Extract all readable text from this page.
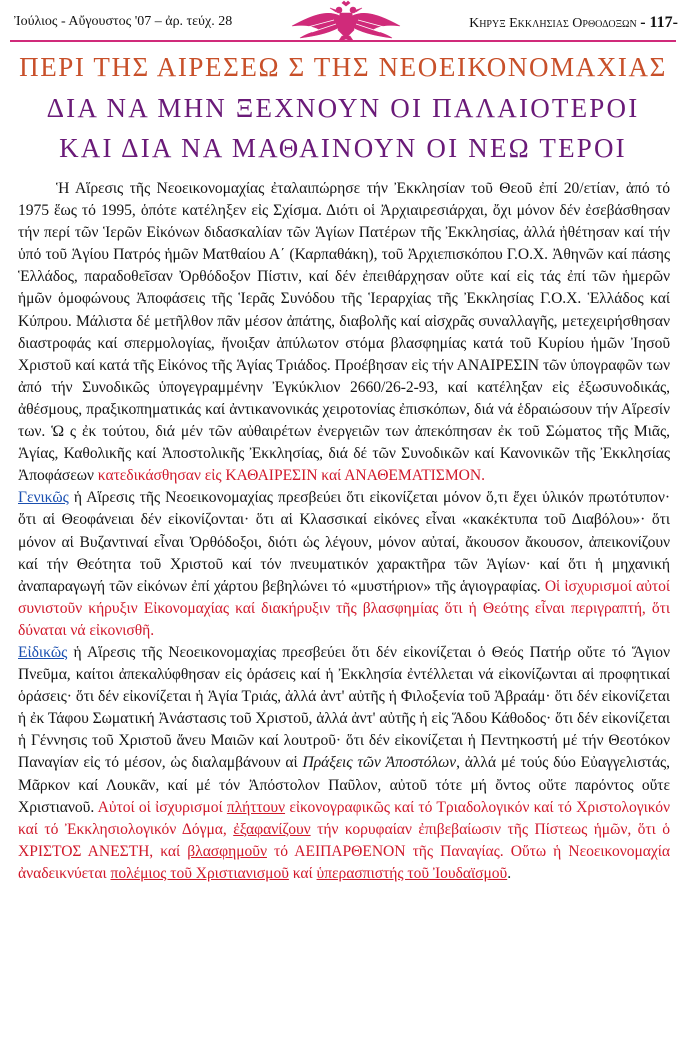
Ἰούλιος - Αὔγουστος '07 – ἀρ. τεύχ. 28	Κηρυξ Εκκλησιας Ορθοδοξων - 117-
ΠΕΡΙ ΤΗΣ ΑΙΡΕΣΕΩ Σ ΤΗΣ ΝΕΟΕΙΚΟΝΟΜΑΧΙΑΣ
ΔΙΑ ΝΑ ΜΗΝ ΞΕΧΝΟΥΝ ΟΙ ΠΑΛΑΙΟΤΕΡΟΙ
ΚΑΙ ΔΙΑ ΝΑ ΜΑΘΑΙΝΟΥΝ ΟΙ ΝΕΩ ΤΕΡΟΙ

Ἡ Αἵρεσις τῆς Νεοεικονομαχίας ἐταλαιπώρησε τήν Ἐκκλησίαν τοῦ Θεοῦ ἐπί 20/ετίαν, ἀπό τό 1975 ἕως τό 1995, ὁπότε κατέληξεν εἰς Σχίσμα. Διότι οἱ Ἀρχιαιρεσιάρχαι, ὄχι μόνον δέν ἐσεβάσθησαν τήν περί τῶν Ἱερῶν Εἰκόνων διδασκαλίαν τῶν Ἁγίων Πατέρων τῆς Ἐκκλησίας, ἀλλά ἠθέτησαν καί τήν ὑπό τοῦ Ἁγίου Πατρός ἡμῶν Ματθαίου Α΄ (Καρπαθάκη), τοῦ Ἀρχιεπισκόπου Γ.Ο.Χ. Ἀθηνῶν καί πάσης Ἑλλάδος, παραδοθεῖσαν Ὀρθόδοξον Πίστιν, καί δέν ἐπειθάρχησαν οὔτε καί εἰς τάς ἐπί τῶν ἡμερῶν ἡμῶν ὁμοφώνους Ἀποφάσεις τῆς Ἱερᾶς Συνόδου τῆς Ἱεραρχίας τῆς Ἐκκλησίας Γ.Ο.Χ. Ἑλλάδος καί Κύπρου. Μάλιστα δέ μετῆλθον πᾶν μέσον ἀπάτης, διαβολῆς καί αἰσχρᾶς συναλλαγῆς, μετεχειρήσθησαν διαστροφάς καί σπερμολογίας, ἤνοιξαν ἀπύλωτον στόμα βλασφημίας κατά τοῦ Κυρίου ἡμῶν Ἰησοῦ Χριστοῦ καί κατά τῆς Εἰκόνος τῆς Ἁγίας Τριάδος. Προέβησαν εἰς τήν ΑΝΑΙΡΕΣΙΝ τῶν ὑπογραφῶν των ἀπό τήν Συνοδικῶς ὑπογεγραμμένην Ἐγκύκλιον 2660/26-2-93, καί κατέληξαν εἰς ἐξωσυνοδικάς, ἀθέσμους, πραξικοπηματικάς καί ἀντικανονικάς χειροτονίας ἐπισκόπων, διά νά ἑδραιώσουν τήν Αἵρεσίν των. Ὡ ς ἐκ τούτου, διά μέν τῶν αὐθαιρέτων ἐνεργειῶν των ἀπεκόπησαν ἐκ τοῦ Σώματος τῆς Μιᾶς, Ἁγίας, Καθολικῆς καί Ἀποστολικῆς Ἐκκλησίας, διά δέ τῶν Συνοδικῶν καί Κανονικῶν τῆς Ἐκκλησίας Ἀποφάσεων κατεδικάσθησαν εἰς ΚΑΘΑΙΡΕΣΙΝ καί ΑΝΑΘΕΜΑΤΙΣΜΟΝ.

Γενικῶς ἡ Αἵρεσις τῆς Νεοεικονομαχίας πρεσβεύει ὅτι εἰκονίζεται μόνον ὅ,τι ἔχει ὑλικόν πρωτότυπον· ὅτι αἱ Θεοφάνειαι δέν εἰκονίζονται· ὅτι αἱ Κλασσικαί εἰκόνες εἶναι «κακέκτυπα τοῦ Διαβόλου»· ὅτι μόνον αἱ Βυζαντιναί εἶναι Ὀρθόδοξοι, διότι ὡς λέγουν, μόνον αὐταί, ἄκουσον ἄκουσον, ἀπεικονίζουν καί τήν Θεότητα τοῦ Χριστοῦ καί τόν πνευματικόν χαρακτῆρα τῶν Ἁγίων· καί ὅτι ἡ μηχανική ἀναπαραγωγή τῶν εἰκόνων ἐπί χάρτου βεβηλώνει τό «μυστήριον» τῆς ἁγιογραφίας. Οἱ ἰσχυρισμοί αὐτοί συνιστοῦν κήρυξιν Εἰκονομαχίας καί διακήρυξιν τῆς βλασφημίας ὅτι ἡ Θεότης εἶναι περιγραπτή, ὅτι δύναται νά εἰκονισθῆ.

Εἰδικῶς ἡ Αἵρεσις τῆς Νεοεικονομαχίας πρεσβεύει ὅτι δέν εἰκονίζεται ὁ Θεός Πατήρ οὔτε τό Ἅγιον Πνεῦμα, καίτοι ἀπεκαλύφθησαν εἰς ὁράσεις καί ἡ Ἐκκλησία ἐντέλλεται νά εἰκονίζωνται αἱ προφητικαί ὁράσεις· ὅτι δέν εἰκονίζεται ἡ Ἁγία Τριάς, ἀλλά ἀντ' αὐτῆς ἡ Φιλοξενία τοῦ Ἀβραάμ· ὅτι δέν εἰκονίζεται ἡ ἐκ Τάφου Σωματική Ἀνάστασις τοῦ Χριστοῦ, ἀλλά ἀντ' αὐτῆς ἡ εἰς Ἅδου Κάθοδος· ὅτι δέν εἰκονίζεται ἡ Γέννησις τοῦ Χριστοῦ ἄνευ Μαιῶν καί λουτροῦ· ὅτι δέν εἰκονίζεται ἡ Πεντηκοστή μέ τήν Θεοτόκον Παναγίαν εἰς τό μέσον, ὡς διαλαμβάνουν αἱ Πράξεις τῶν Ἀποστόλων, ἀλλά μέ τούς δύο Εὐαγγελιστάς, Μᾶρκον καί Λουκᾶν, καί μέ τόν Ἀπόστολον Παῦλον, αὐτοῦ τότε μή ὄντος οὔτε παρόντος οὔτε Χριστιανοῦ. Αὐτοί οἱ ἰσχυρισμοί πλήττουν εἰκονογραφικῶς καί τό Τριαδολογικόν καί τό Χριστολογικόν καί τό Ἐκκλησιολογικόν Δόγμα, ἐξαφανίζουν τήν κορυφαίαν ἐπιβεβαίωσιν τῆς Πίστεως ἡμῶν, ὅτι ὁ ΧΡΙΣΤΟΣ ΑΝΕΣΤΗ, καί βλασφημοῦν τό ΑΕΙΠΑΡΘΕΝΟΝ τῆς Παναγίας. Οὕτω ἡ Νεοεικονομαχία ἀναδεικνύεται πολέμιος τοῦ Χριστιανισμοῦ καί ὑπερασπιστής τοῦ Ἰουδαϊσμοῦ.
